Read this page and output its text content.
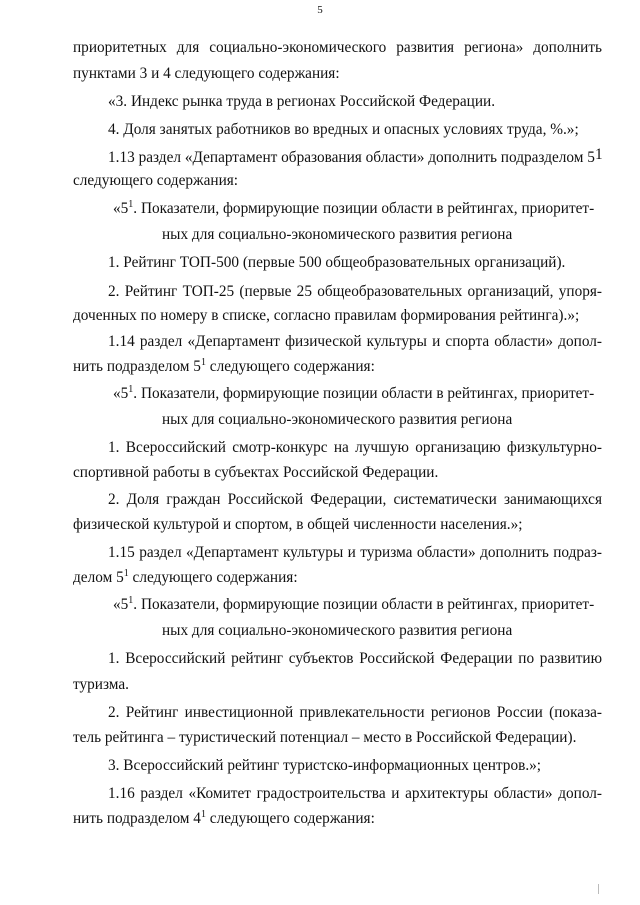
5
приоритетных для социально-экономического развития региона» дополнить
пунктами 3 и 4 следующего содержания:
«3. Индекс рынка труда в регионах Российской Федерации.
4. Доля занятых работников во вредных и опасных условиях труда, %.»;
1.13 раздел «Департамент образования области» дополнить подразделом 5 1
следующего содержания:
«$5^1$. Показатели, формирующие позиции области в рейтингах, приоритет-
ных для социально-экономического развития региона
1. Рейтинг ТОП-500 (первые 500 общеобразовательных организаций).
2. Рейтинг ТОП-25 (первые 25 общеобразовательных организаций, упоря-
доченных по номеру в списке, согласно правилам формирования рейтинга).»;
1.14 раздел «Департамент физической культуры и спорта области» допол-
нить подразделом $5^1$ следующего содержания:
«$5^1$. Показатели, формирующие позиции области в рейтингах, приоритет-
ных для социально-экономического развития региона
1. Всероссийский смотр-конкурс на лучшую организацию физкультурно-
спортивной работы в субъектах Российской Федерации.
2. Доля граждан Российской Федерации, систематически занимающихся
физической культурой и спортом, в общей численности населения.»;
1.15 раздел «Департамент культуры и туризма области» дополнить подраз-
делом $5^1$ следующего содержания:
«$5^1$. Показатели, формирующие позиции области в рейтингах, приоритет-
ных для социально-экономического развития региона
1. Всероссийский рейтинг субъектов Российской Федерации по развитию
туризма.
2. Рейтинг инвестиционной привлекательности регионов России (показа-
тель рейтинга – туристический потенциал – место в Российской Федерации).
3. Всероссийский рейтинг туристско-информационных центров.»;
1.16 раздел «Комитет градостроительства и архитектуры области» допол-
нить подразделом $4^1$ следующего содержания:
